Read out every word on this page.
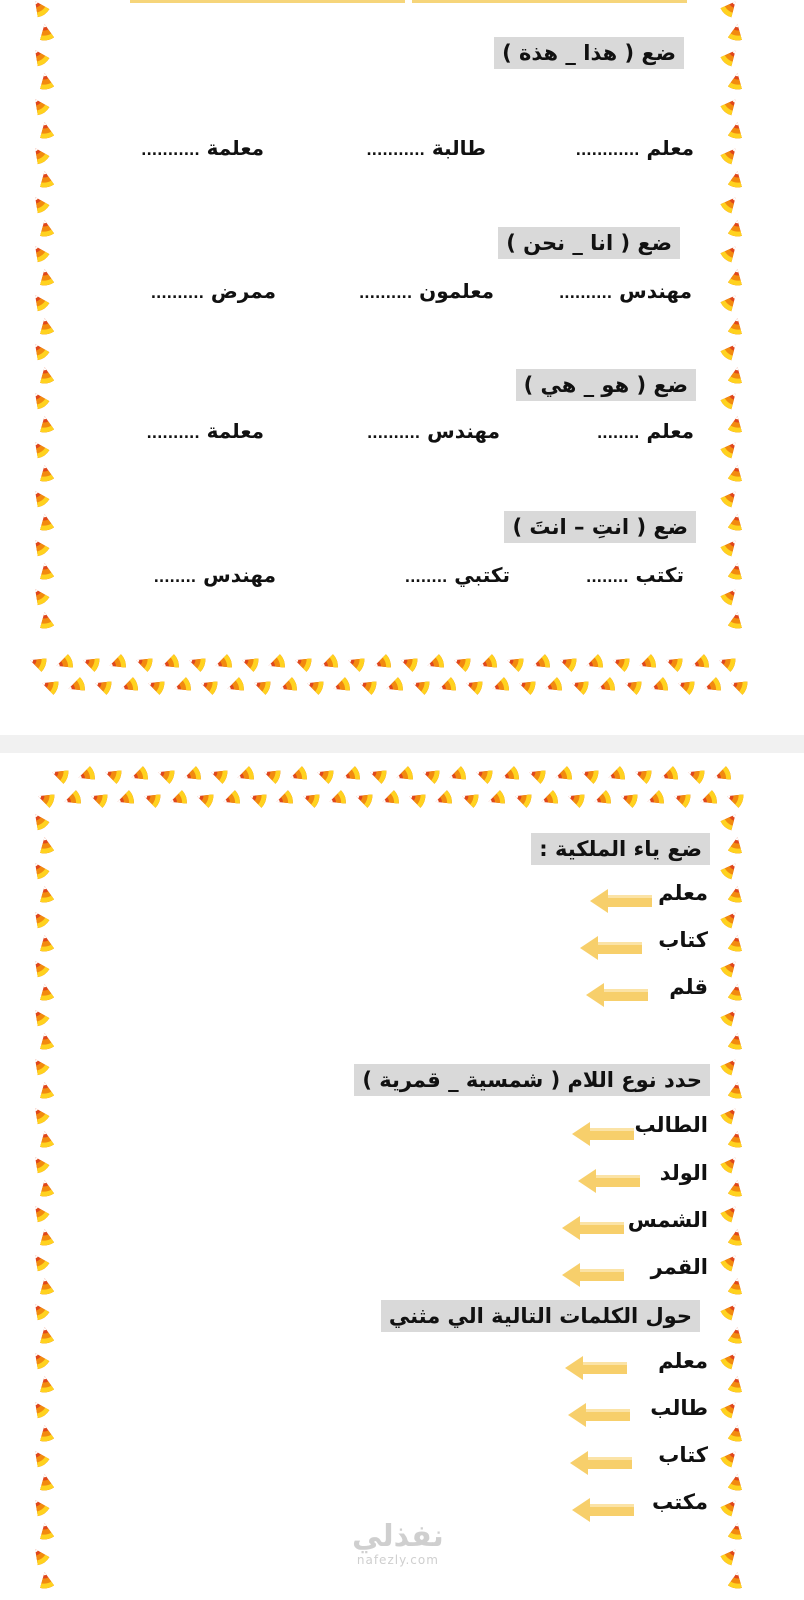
ضع ( هذا _ هذة )
معلم ............
طالبة ...........
معلمة ...........
ضع ( انا _ نحن )
مهندس ..........
معلمون ..........
ممرض ..........
ضع ( هو _ هي )
معلم ........
مهندس ..........
معلمة ..........
ضع ( انتِ – انتَ )
تكتب ........
تكتبي ........
مهندس ........
ضع ياء الملكية :
معلم
كتاب
قلم
حدد نوع اللام ( شمسية _ قمرية )
الطالب
الولد
الشمس
القمر
حول الكلمات التالية الي مثني
معلم
طالب
كتاب
مكتب
نفذلي
nafezly.com
